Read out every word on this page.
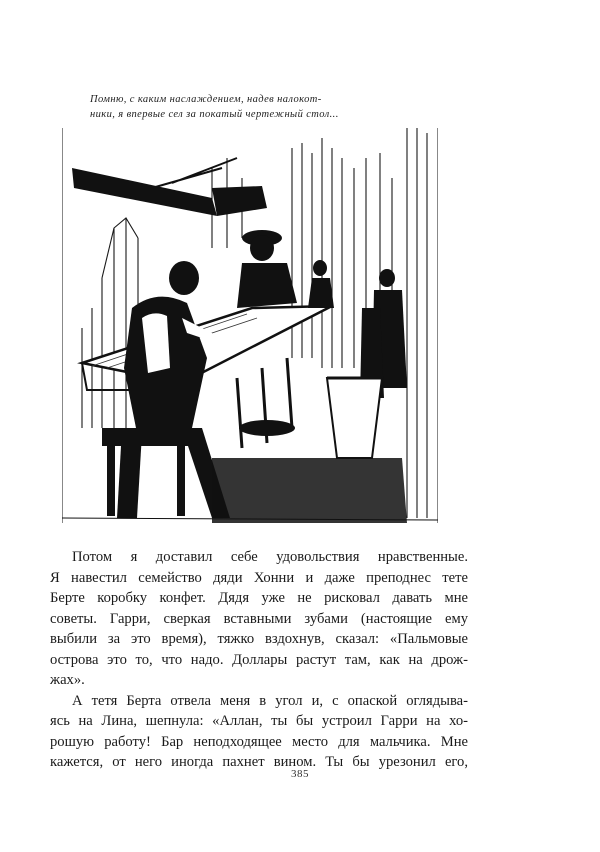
Помню, с каким наслаждением, надев налокот-
ники, я впервые сел за покатый чертежный стол...
Потом я доставил себе удовольствия нравственные.
Я навестил семейство дяди Хонни и даже преподнес тете
Берте коробку конфет. Дядя уже не рисковал давать мне
советы. Гарри, сверкая вставными зубами (настоящие ему
выбили за это время), тяжко вздохнув, сказал: «Пальмовые
острова это то, что надо. Доллары растут там, как на дрож-
жах».
А тетя Берта отвела меня в угол и, с опаской оглядыва-
ясь на Лина, шепнула: «Аллан, ты бы устроил Гарри на хо-
рошую работу! Бар неподходящее место для мальчика. Мне
кажется, от него иногда пахнет вином. Ты бы урезонил его,
385
